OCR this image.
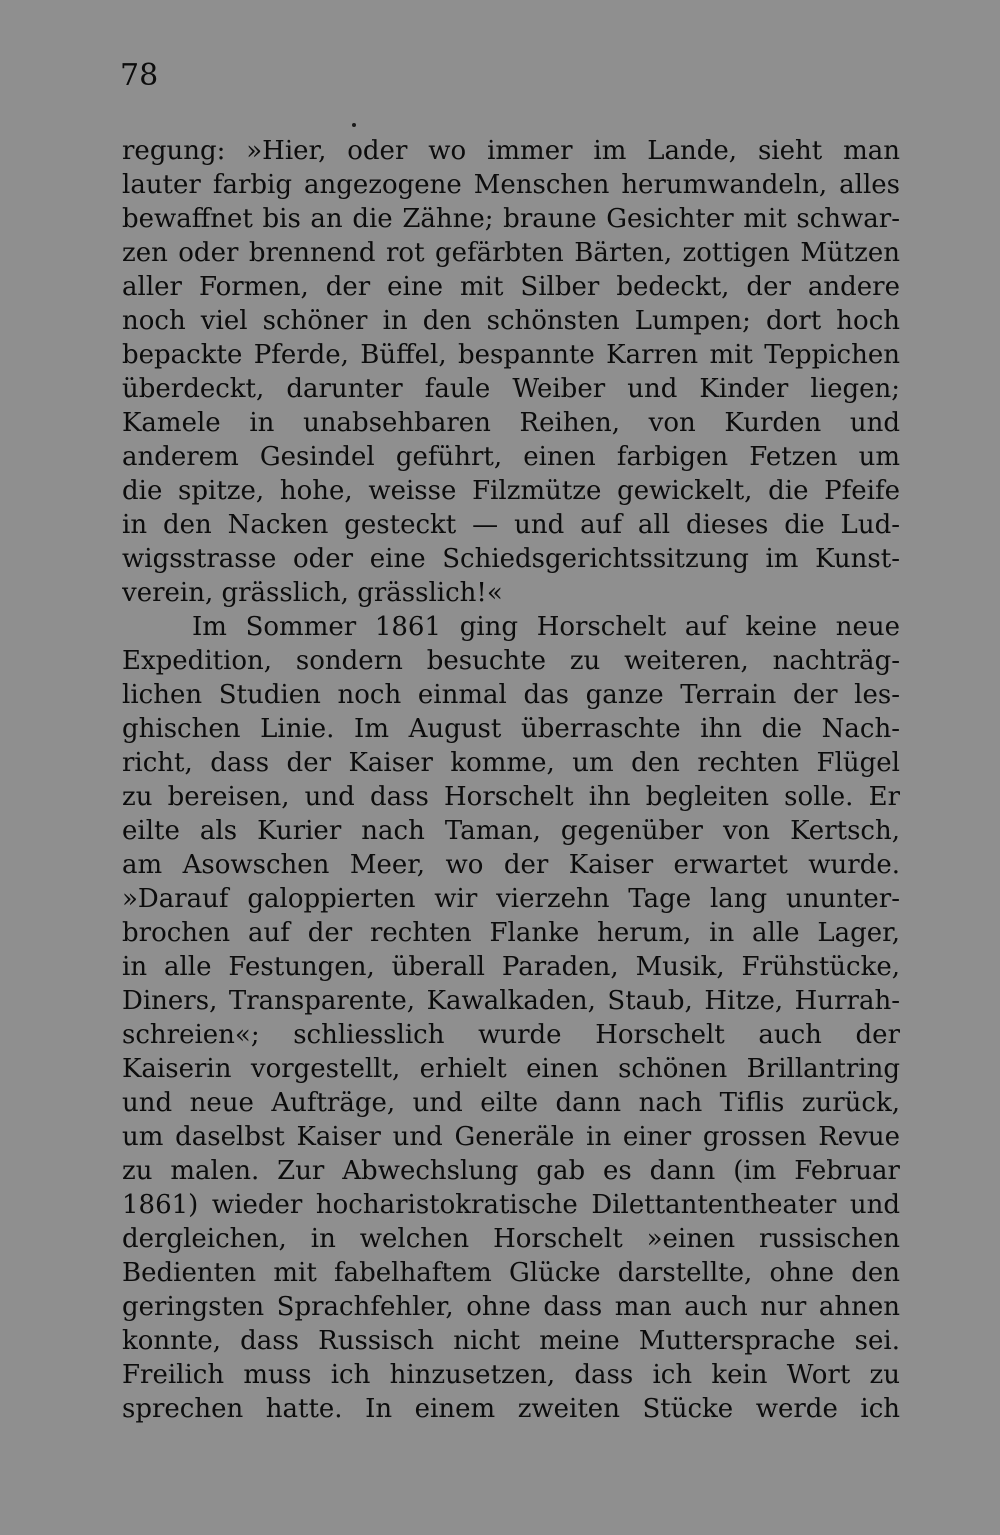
78
regung: »Hier, oder wo immer im Lande, sieht man
lauter farbig angezogene Menschen herumwandeln, alles
bewaffnet bis an die Zähne; braune Gesichter mit schwar-
zen oder brennend rot gefärbten Bärten, zottigen Mützen
aller Formen, der eine mit Silber bedeckt, der andere
noch viel schöner in den schönsten Lumpen; dort hoch
bepackte Pferde, Büffel, bespannte Karren mit Teppichen
überdeckt, darunter faule Weiber und Kinder liegen;
Kamele in unabsehbaren Reihen, von Kurden und
anderem Gesindel geführt, einen farbigen Fetzen um
die spitze, hohe, weisse Filzmütze gewickelt, die Pfeife
in den Nacken gesteckt — und auf all dieses die Lud-
wigsstrasse oder eine Schiedsgerichtssitzung im Kunst-
verein, grässlich, grässlich!«
Im Sommer 1861 ging Horschelt auf keine neue
Expedition, sondern besuchte zu weiteren, nachträg-
lichen Studien noch einmal das ganze Terrain der les-
ghischen Linie. Im August überraschte ihn die Nach-
richt, dass der Kaiser komme, um den rechten Flügel
zu bereisen, und dass Horschelt ihn begleiten solle. Er
eilte als Kurier nach Taman, gegenüber von Kertsch,
am Asowschen Meer, wo der Kaiser erwartet wurde.
»Darauf galoppierten wir vierzehn Tage lang ununter-
brochen auf der rechten Flanke herum, in alle Lager,
in alle Festungen, überall Paraden, Musik, Frühstücke,
Diners, Transparente, Kawalkaden, Staub, Hitze, Hurrah-
schreien«; schliesslich wurde Horschelt auch der
Kaiserin vorgestellt, erhielt einen schönen Brillantring
und neue Aufträge, und eilte dann nach Tiflis zurück,
um daselbst Kaiser und Generäle in einer grossen Revue
zu malen. Zur Abwechslung gab es dann (im Februar
1861) wieder hocharistokratische Dilettantentheater und
dergleichen, in welchen Horschelt »einen russischen
Bedienten mit fabelhaftem Glücke darstellte, ohne den
geringsten Sprachfehler, ohne dass man auch nur ahnen
konnte, dass Russisch nicht meine Muttersprache sei.
Freilich muss ich hinzusetzen, dass ich kein Wort zu
sprechen hatte. In einem zweiten Stücke werde ich
